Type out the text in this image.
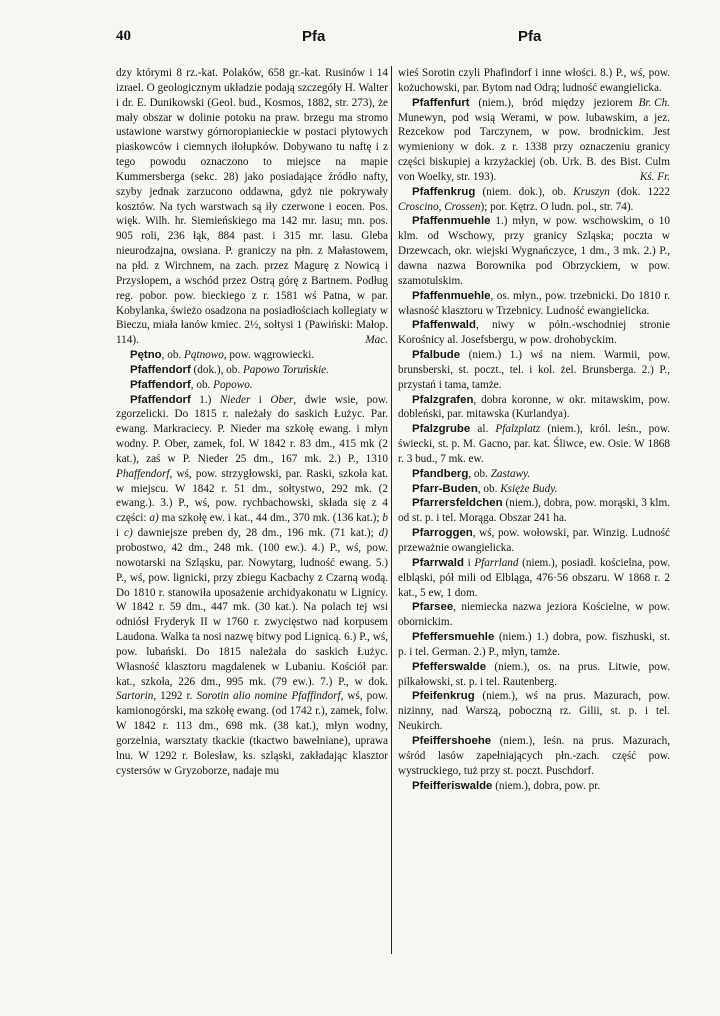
40	Pfa	Pfa

dzy którymi 8 rz.-kat. Polaków, 658 gr.-kat. Rusinów i 14 izrael. O geologicznym układzie podają szczegóły H. Walter i dr. E. Dunikowski (Geol. bud., Kosmos, 1882, str. 273), że mały obszar w dolinie potoku na praw. brzegu ma stromo ustawione warstwy górnoropianieckie w postaci płytowych piaskowców i ciemnych iłołupków. Dobywano tu naftę i z tego powodu oznaczono to miejsce na mapie Kummersberga (sekc. 28) jako posiadające źródło nafty, szyby jednak zarzucono oddawna, gdyż nie pokrywały kosztów. Na tych warstwach są iły czerwone i eocen. Pos. więk. Wilh. hr. Siemieńskiego ma 142 mr. lasu; mn. pos. 905 roli, 236 łąk, 884 past. i 315 mr. lasu. Gleba nieurodzajna, owsiana. P. graniczy na płn. z Małastowem, na płd. z Wirchnem, na zach. przez Magurę z Nowicą i Przysłopem, a wschód przez Ostrą górę z Bartnem. Podług reg. pobor. pow. bieckiego z r. 1581 wś Patna, w par. Kobylanka, świeżo osadzona na posiadłościach kollegiaty w Bieczu, miała łanów kmiec. 2½, sołtysi 1 (Pawiński: Małop. 114).	Mac.

Pętno, ob. Pątnowo, pow. wągrowiecki.

Pfaffendorf (dok.), ob. Papowo Toruńskie.

Pfaffendorf, ob. Popowo.

Pfaffendorf 1.) Nieder i Ober, dwie wsie, pow. zgorzelicki. Do 1815 r. należały do saskich Łużyc. Par. ewang. Markraciecy. P. Nieder ma szkołę ewang. i młyn wodny. P. Ober, zamek, fol. W 1842 r. 83 dm., 415 mk (2 kat.), zaś w P. Nieder 25 dm., 167 mk. 2.) P., 1310 Phaffendorf, wś, pow. strzygłowski, par. Raski, szkoła kat. w miejscu. W 1842 r. 51 dm., sołtystwo, 292 mk. (2 ewang.). 3.) P., wś, pow. rychbachowski, składa się z 4 części: a) ma szkołę ew. i kat., 44 dm., 370 mk. (136 kat.); b i c) dawniejsze preben dy, 28 dm., 196 mk. (71 kat.); d) probostwo, 42 dm., 248 mk. (100 ew.). 4.) P., wś, pow. nowotarski na Szląsku, par. Nowytarg, ludność ewang. 5.) P., wś, pow. lignicki, przy zbiegu Kacbachy z Czarną wodą. Do 1810 r. stanowiła uposażenie archidyakonatu w Lignicy. W 1842 r. 59 dm., 447 mk. (30 kat.). Na polach tej wsi odniósł Fryderyk II w 1760 r. zwycięstwo nad korpusem Laudona. Walka ta nosi nazwę bitwy pod Lignicą. 6.) P., wś, pow. lubański. Do 1815 należała do saskich Łużyc. Własność klasztoru magdalenek w Lubaniu. Kościół par. kat., szkoła, 226 dm., 995 mk. (79 ew.). 7.) P., w dok. Sartorin, 1292 r. Sorotin alio nomine Pfaffindorf, wś, pow. kamionogórski, ma szkołę ewang. (od 1742 r.), zamek, folw. W 1842 r. 113 dm., 698 mk. (38 kat.), młyn wodny, gorzelnia, warsztaty tkackie (tkactwo bawełniane), uprawa lnu. W 1292 r. Bolesław, ks. szląski, zakładając klasztor cystersów w Gryzoborze, nadaje mu

wieś Sorotin czyli Phafindorf i inne włości. 8.) P., wś, pow. kożuchowski, par. Bytom nad Odrą; ludność ewangielicka.
Br. Ch.

Pfaffenfurt (niem.), bród między jeziorem Munewyn, pod wsią Werami, w pow. lubawskim, a jez. Rezcekow pod Tarczynem, w pow. brodnickim. Jest wymieniony w dok. z r. 1338 przy oznaczeniu granicy części biskupiej a krzyżackiej (ob. Urk. B. des Bist. Culm von Woelky, str. 193).	Kś. Fr.

Pfaffenkrug (niem. dok.), ob. Kruszyn (dok. 1222 Croscino, Crossen); por. Kętrz. O ludn. pol., str. 74).

Pfaffenmuehle 1.) młyn, w pow. wschowskim, o 10 klm. od Wschowy, przy granicy Szląska; poczta w Drzewcach, okr. wiejski Wygnańczyce, 1 dm., 3 mk. 2.) P., dawna nazwa Borownika pod Obrzyckiem, w pow. szamotulskim.

Pfaffenmuehle, os. młyn., pow. trzebnicki. Do 1810 r. własność klasztoru w Trzebnicy. Ludność ewangielicka.

Pfaffenwald, niwy w półn.-wschodniej stronie Korośnicy al. Josefsbergu, w pow. drohobyckim.

Pfalbude (niem.) 1.) wś na niem. Warmii, pow. brunsberski, st. poczt., tel. i kol. żel. Brunsberga. 2.) P., przystań i tama, tamże.

Pfalzgrafen, dobra koronne, w okr. mitawskim, pow. dobleński, par. mitawska (Kurlandya).

Pfalzgrube al. Pfalzplatz (niem.), król. leśn., pow. świecki, st. p. M. Gacno, par. kat. Śliwce, ew. Osie. W 1868 r. 3 bud., 7 mk. ew.

Pfandberg, ob. Zastawy.

Pfarr-Buden, ob. Księże Budy.

Pfarrersfeldchen (niem.), dobra, pow. morąski, 3 klm. od st. p. i tel. Morąga. Obszar 241 ha.

Pfarroggen, wś, pow. wołowski, par. Winzig. Ludność przeważnie owangielicka.

Pfarrwald i Pfarrland (niem.), posiadł. kościelna, pow. elbląski, pół mili od Elbląga, 476·56 obszaru. W 1868 r. 2 kat., 5 ew, 1 dom.

Pfarsee, niemiecka nazwa jeziora Kościelne, w pow. obornickim.

Pfeffersmuehle (niem.) 1.) dobra, pow. fiszhuski, st. p. i tel. German. 2.) P., młyn, tamże.

Pfefferswalde (niem.), os. na prus. Litwie, pow. pilkałowski, st. p. i tel. Rautenberg.

Pfeifenkrug (niem.), wś na prus. Mazurach, pow. nizinny, nad Warszą, poboczną rz. Gilii, st. p. i tel. Neukirch.

Pfeiffershoehe (niem.), leśn. na prus. Mazurach, wśród lasów zapełniających płn.-zach. część pow. wystruckiego, tuż przy st. poczt. Puschdorf.

Pfeifferiswalde (niem.), dobra, pow. pr.
